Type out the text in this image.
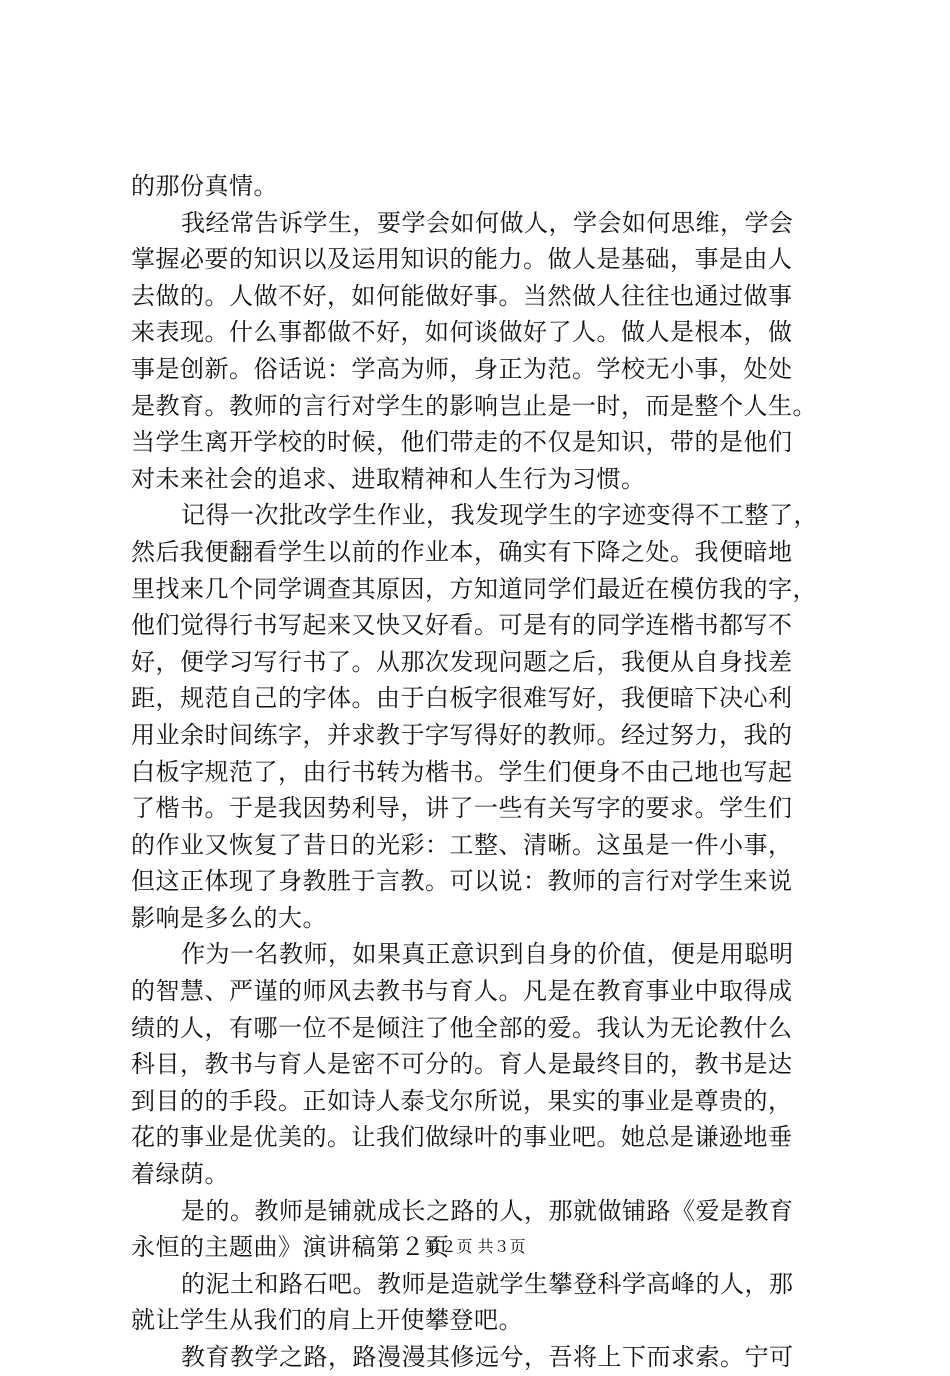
的那份真情。
我经常告诉学生，要学会如何做人，学会如何思维，学会
掌握必要的知识以及运用知识的能力。做人是基础，事是由人
去做的。人做不好，如何能做好事。当然做人往往也通过做事
来表现。什么事都做不好，如何谈做好了人。做人是根本，做
事是创新。俗话说：学高为师，身正为范。学校无小事，处处
是教育。教师的言行对学生的影响岂止是一时，而是整个人生。
当学生离开学校的时候，他们带走的不仅是知识，带的是他们
对未来社会的追求、进取精神和人生行为习惯。
记得一次批改学生作业，我发现学生的字迹变得不工整了，
然后我便翻看学生以前的作业本，确实有下降之处。我便暗地
里找来几个同学调查其原因，方知道同学们最近在模仿我的字，
他们觉得行书写起来又快又好看。可是有的同学连楷书都写不
好，便学习写行书了。从那次发现问题之后，我便从自身找差
距，规范自己的字体。由于白板字很难写好，我便暗下决心利
用业余时间练字，并求教于字写得好的教师。经过努力，我的
白板字规范了，由行书转为楷书。学生们便身不由己地也写起
了楷书。于是我因势利导，讲了一些有关写字的要求。学生们
的作业又恢复了昔日的光彩：工整、清晰。这虽是一件小事，
但这正体现了身教胜于言教。可以说：教师的言行对学生来说
影响是多么的大。
作为一名教师，如果真正意识到自身的价值，便是用聪明
的智慧、严谨的师风去教书与育人。凡是在教育事业中取得成
绩的人，有哪一位不是倾注了他全部的爱。我认为无论教什么
科目，教书与育人是密不可分的。育人是最终目的，教书是达
到目的的手段。正如诗人泰戈尔所说，果实的事业是尊贵的，
花的事业是优美的。让我们做绿叶的事业吧。她总是谦逊地垂
着绿荫。
是的。教师是铺就成长之路的人，那就做铺路《爱是教育
永恒的主题曲》演讲稿第２页
的泥土和路石吧。教师是造就学生攀登科学高峰的人，那
就让学生从我们的肩上开使攀登吧。
教育教学之路，路漫漫其修远兮，吾将上下而求索。宁可
第２页 共３页
